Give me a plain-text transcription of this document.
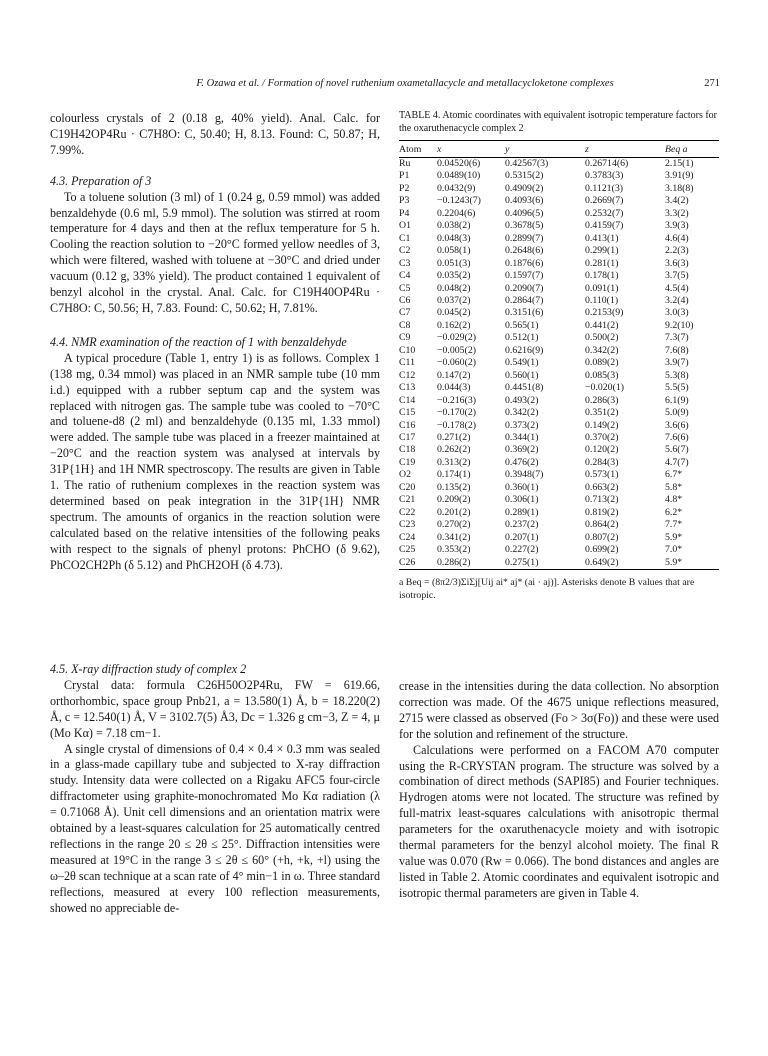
F. Ozawa et al. / Formation of novel ruthenium oxametallacycle and metallacycloketone complexes	271

colourless crystals of 2 (0.18 g, 40% yield). Anal. Calc. for C19H42OP4Ru · C7H8O: C, 50.40; H, 8.13. Found: C, 50.87; H, 7.99%.

4.3. Preparation of 3

To a toluene solution (3 ml) of 1 (0.24 g, 0.59 mmol) was added benzaldehyde (0.6 ml, 5.9 mmol). The solution was stirred at room temperature for 4 days and then at the reflux temperature for 5 h. Cooling the reaction solution to −20°C formed yellow needles of 3, which were filtered, washed with toluene at −30°C and dried under vacuum (0.12 g, 33% yield). The product contained 1 equivalent of benzyl alcohol in the crystal. Anal. Calc. for C19H40OP4Ru · C7H8O: C, 50.56; H, 7.83. Found: C, 50.62; H, 7.81%.

4.4. NMR examination of the reaction of 1 with benzaldehyde

A typical procedure (Table 1, entry 1) is as follows. Complex 1 (138 mg, 0.34 mmol) was placed in an NMR sample tube (10 mm i.d.) equipped with a rubber septum cap and the system was replaced with nitrogen gas. The sample tube was cooled to −70°C and toluene-d8 (2 ml) and benzaldehyde (0.135 ml, 1.33 mmol) were added. The sample tube was placed in a freezer maintained at −20°C and the reaction system was analysed at intervals by 31P{1H} and 1H NMR spectroscopy. The results are given in Table 1. The ratio of ruthenium complexes in the reaction system was determined based on peak integration in the 31P{1H} NMR spectrum. The amounts of organics in the reaction solution were calculated based on the relative intensities of the following peaks with respect to the signals of phenyl protons: PhCHO (δ 9.62), PhCO2CH2Ph (δ 5.12) and PhCH2OH (δ 4.73).

TABLE 4. Atomic coordinates with equivalent isotropic temperature factors for the oxaruthenacycle complex 2
Atom	x	y	z	Beq a
Ru	0.04520(6)	0.42567(3)	0.26714(6)	2.15(1)
P1	0.0489(10)	0.5315(2)	0.3783(3)	3.91(9)
P2	0.0432(9)	0.4909(2)	0.1121(3)	3.18(8)
P3	−0.1243(7)	0.4093(6)	0.2669(7)	3.4(2)
P4	0.2204(6)	0.4096(5)	0.2532(7)	3.3(2)
O1	0.038(2)	0.3678(5)	0.4159(7)	3.9(3)
C1	0.048(3)	0.2899(7)	0.413(1)	4.6(4)
C2	0.058(1)	0.2648(6)	0.299(1)	2.2(3)
C3	0.051(3)	0.1876(6)	0.281(1)	3.6(3)
C4	0.035(2)	0.1597(7)	0.178(1)	3.7(5)
C5	0.048(2)	0.2090(7)	0.091(1)	4.5(4)
C6	0.037(2)	0.2864(7)	0.110(1)	3.2(4)
C7	0.045(2)	0.3151(6)	0.2153(9)	3.0(3)
C8	0.162(2)	0.565(1)	0.441(2)	9.2(10)
C9	−0.029(2)	0.512(1)	0.500(2)	7.3(7)
C10	−0.005(2)	0.6216(9)	0.342(2)	7.6(8)
C11	−0.060(2)	0.549(1)	0.089(2)	3.9(7)
C12	0.147(2)	0.560(1)	0.085(3)	5.3(8)
C13	0.044(3)	0.4451(8)	−0.020(1)	5.5(5)
C14	−0.216(3)	0.493(2)	0.286(3)	6.1(9)
C15	−0.170(2)	0.342(2)	0.351(2)	5.0(9)
C16	−0.178(2)	0.373(2)	0.149(2)	3.6(6)
C17	0.271(2)	0.344(1)	0.370(2)	7.6(6)
C18	0.262(2)	0.369(2)	0.120(2)	5.6(7)
C19	0.313(2)	0.476(2)	0.284(3)	4.7(7)
O2	0.174(1)	0.3948(7)	0.573(1)	6.7*
C20	0.135(2)	0.360(1)	0.663(2)	5.8*
C21	0.209(2)	0.306(1)	0.713(2)	4.8*
C22	0.201(2)	0.289(1)	0.819(2)	6.2*
C23	0.270(2)	0.237(2)	0.864(2)	7.7*
C24	0.341(2)	0.207(1)	0.807(2)	5.9*
C25	0.353(2)	0.227(2)	0.699(2)	7.0*
C26	0.286(2)	0.275(1)	0.649(2)	5.9*
a Beq = (8π2/3)ΣiΣj[Uij ai* aj* (ai · aj)]. Asterisks denote B values that are isotropic.
4.5. X-ray diffraction study of complex 2

Crystal data: formula C26H50O2P4Ru, FW = 619.66, orthorhombic, space group Pnb21, a = 13.580(1) Å, b = 18.220(2) Å, c = 12.540(1) Å, V = 3102.7(5) Å3, Dc = 1.326 g cm−3, Z = 4, μ (Mo Kα) = 7.18 cm−1.

A single crystal of dimensions of 0.4 × 0.4 × 0.3 mm was sealed in a glass-made capillary tube and subjected to X-ray diffraction study. Intensity data were collected on a Rigaku AFC5 four-circle diffractometer using graphite-monochromated Mo Kα radiation (λ = 0.71068 Å). Unit cell dimensions and an orientation matrix were obtained by a least-squares calculation for 25 automatically centred reflections in the range 20 ≤ 2θ ≤ 25°. Diffraction intensities were measured at 19°C in the range 3 ≤ 2θ ≤ 60° (+h, +k, +l) using the ω–2θ scan technique at a scan rate of 4° min−1 in ω. Three standard reflections, measured at every 100 reflection measurements, showed no appreciable de-

crease in the intensities during the data collection. No absorption correction was made. Of the 4675 unique reflections measured, 2715 were classed as observed (Fo > 3σ(Fo)) and these were used for the solution and refinement of the structure.

Calculations were performed on a FACOM A70 computer using the R-CRYSTAN program. The structure was solved by a combination of direct methods (SAPI85) and Fourier techniques. Hydrogen atoms were not located. The structure was refined by full-matrix least-squares calculations with anisotropic thermal parameters for the oxaruthenacycle moiety and with isotropic thermal parameters for the benzyl alcohol moiety. The final R value was 0.070 (Rw = 0.066). The bond distances and angles are listed in Table 2. Atomic coordinates and equivalent isotropic and isotropic thermal parameters are given in Table 4.
